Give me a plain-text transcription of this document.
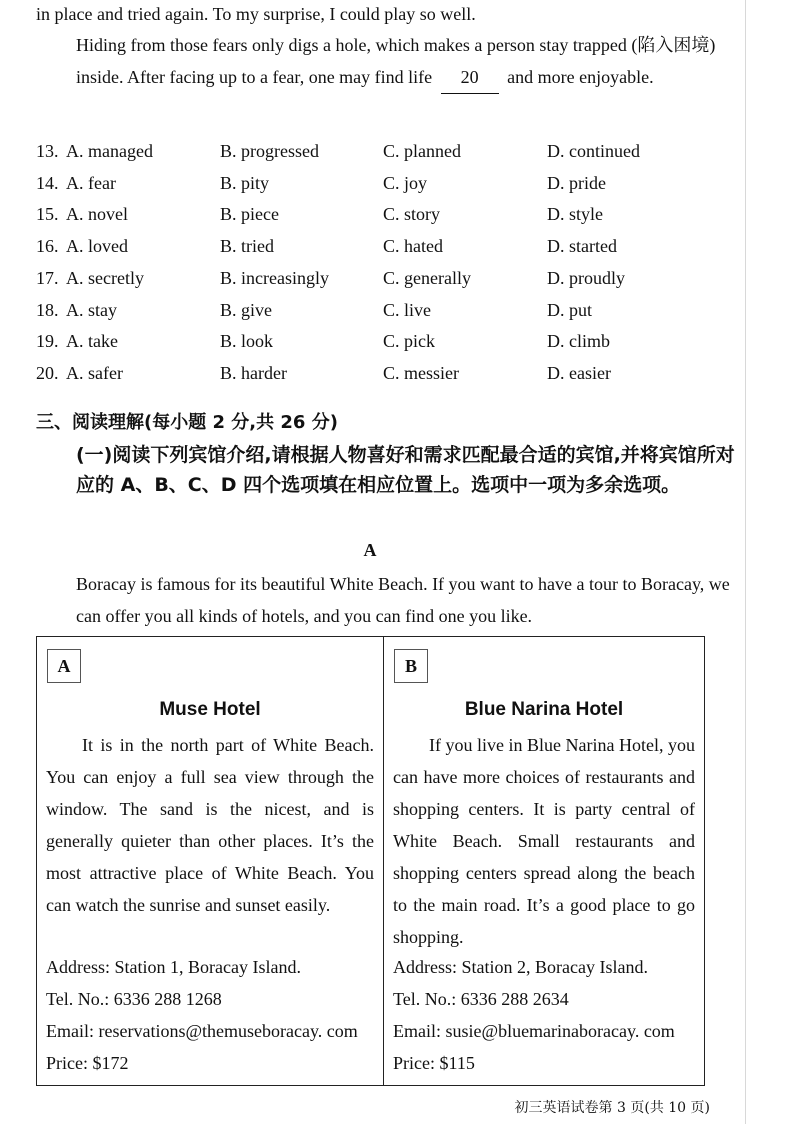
in place and tried again. To my surprise, I could play so well.

Hiding from those fears only digs a hole, which makes a person stay trapped (陷入困境) inside. After facing up to a fear, one may find life 20 and more enjoyable.

13. A. managed	B. progressed	C. planned	D. continued
14. A. fear	B. pity	C. joy	D. pride
15. A. novel	B. piece	C. story	D. style
16. A. loved	B. tried	C. hated	D. started
17. A. secretly	B. increasingly	C. generally	D. proudly
18. A. stay	B. give	C. live	D. put
19. A. take	B. look	C. pick	D. climb
20. A. safer	B. harder	C. messier	D. easier
三、阅读理解(每小题 2 分,共 26 分)
(一)阅读下列宾馆介绍,请根据人物喜好和需求匹配最合适的宾馆,并将宾馆所对应的 A、B、C、D 四个选项填在相应位置上。选项中一项为多余选项。
A

Boracay is famous for its beautiful White Beach. If you want to have a tour to Boracay, we can offer you all kinds of hotels, and you can find one you like.

A
Muse Hotel

It is in the north part of White Beach. You can enjoy a full sea view through the window. The sand is the nicest, and is generally quieter than other places. It’s the most attractive place of White Beach. You can watch the sunrise and sunset easily.

Address: Station 1, Boracay Island.
Tel. No.: 6336 288 1268
Email: reservations@themuseboracay. com
Price: $172
B
Blue Narina Hotel

If you live in Blue Narina Hotel, you can have more choices of restaurants and shopping centers. It is party central of White Beach. Small restaurants and shopping centers spread along the beach to the main road. It’s a good place to go shopping.

Address: Station 2, Boracay Island.
Tel. No.: 6336 288 2634
Email: susie@bluemarinaboracay. com
Price: $115
初三英语试卷第 3 页(共 10 页)
